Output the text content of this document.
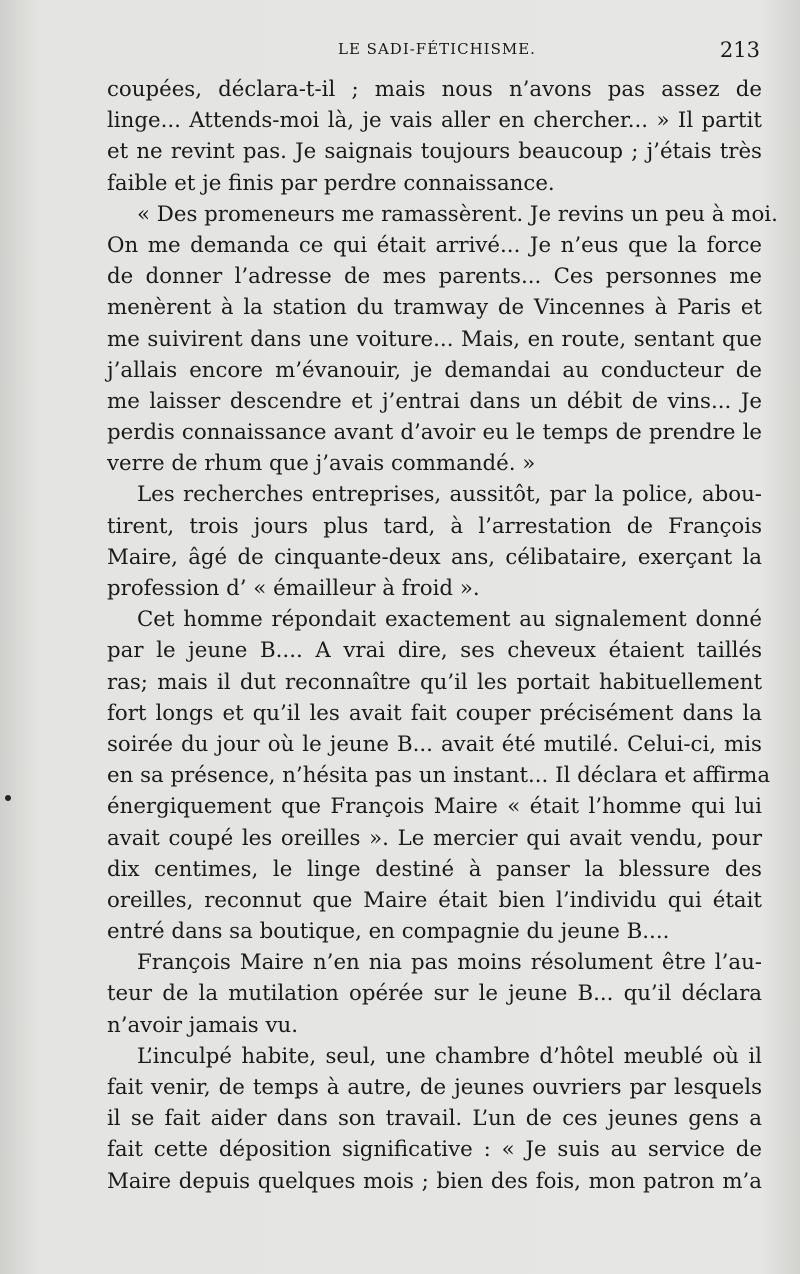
LE SADI-FÉTICHISME.	213
coupées, déclara-t-il ; mais nous n’avons pas assez de
linge... Attends-moi là, je vais aller en chercher... » Il partit
et ne revint pas. Je saignais toujours beaucoup ; j’étais très
faible et je finis par perdre connaissance.
« Des promeneurs me ramassèrent. Je revins un peu à moi.
On me demanda ce qui était arrivé... Je n’eus que la force
de donner l’adresse de mes parents... Ces personnes me
menèrent à la station du tramway de Vincennes à Paris et
me suivirent dans une voiture... Mais, en route, sentant que
j’allais encore m’évanouir, je demandai au conducteur de
me laisser descendre et j’entrai dans un débit de vins... Je
perdis connaissance avant d’avoir eu le temps de prendre le
verre de rhum que j’avais commandé. »
Les recherches entreprises, aussitôt, par la police, abou-
tirent, trois jours plus tard, à l’arrestation de François
Maire, âgé de cinquante-deux ans, célibataire, exerçant la
profession d’ « émailleur à froid ».
Cet homme répondait exactement au signalement donné
par le jeune B.... A vrai dire, ses cheveux étaient taillés
ras; mais il dut reconnaître qu’il les portait habituellement
fort longs et qu’il les avait fait couper précisément dans la
soirée du jour où le jeune B... avait été mutilé. Celui-ci, mis
en sa présence, n’hésita pas un instant... Il déclara et affirma
énergiquement que François Maire « était l’homme qui lui
avait coupé les oreilles ». Le mercier qui avait vendu, pour
dix centimes, le linge destiné à panser la blessure des
oreilles, reconnut que Maire était bien l’individu qui était
entré dans sa boutique, en compagnie du jeune B....
François Maire n’en nia pas moins résolument être l’au-
teur de la mutilation opérée sur le jeune B... qu’il déclara
n’avoir jamais vu.
L’inculpé habite, seul, une chambre d’hôtel meublé où il
fait venir, de temps à autre, de jeunes ouvriers par lesquels
il se fait aider dans son travail. L’un de ces jeunes gens a
fait cette déposition significative : « Je suis au service de
Maire depuis quelques mois ; bien des fois, mon patron m’a
